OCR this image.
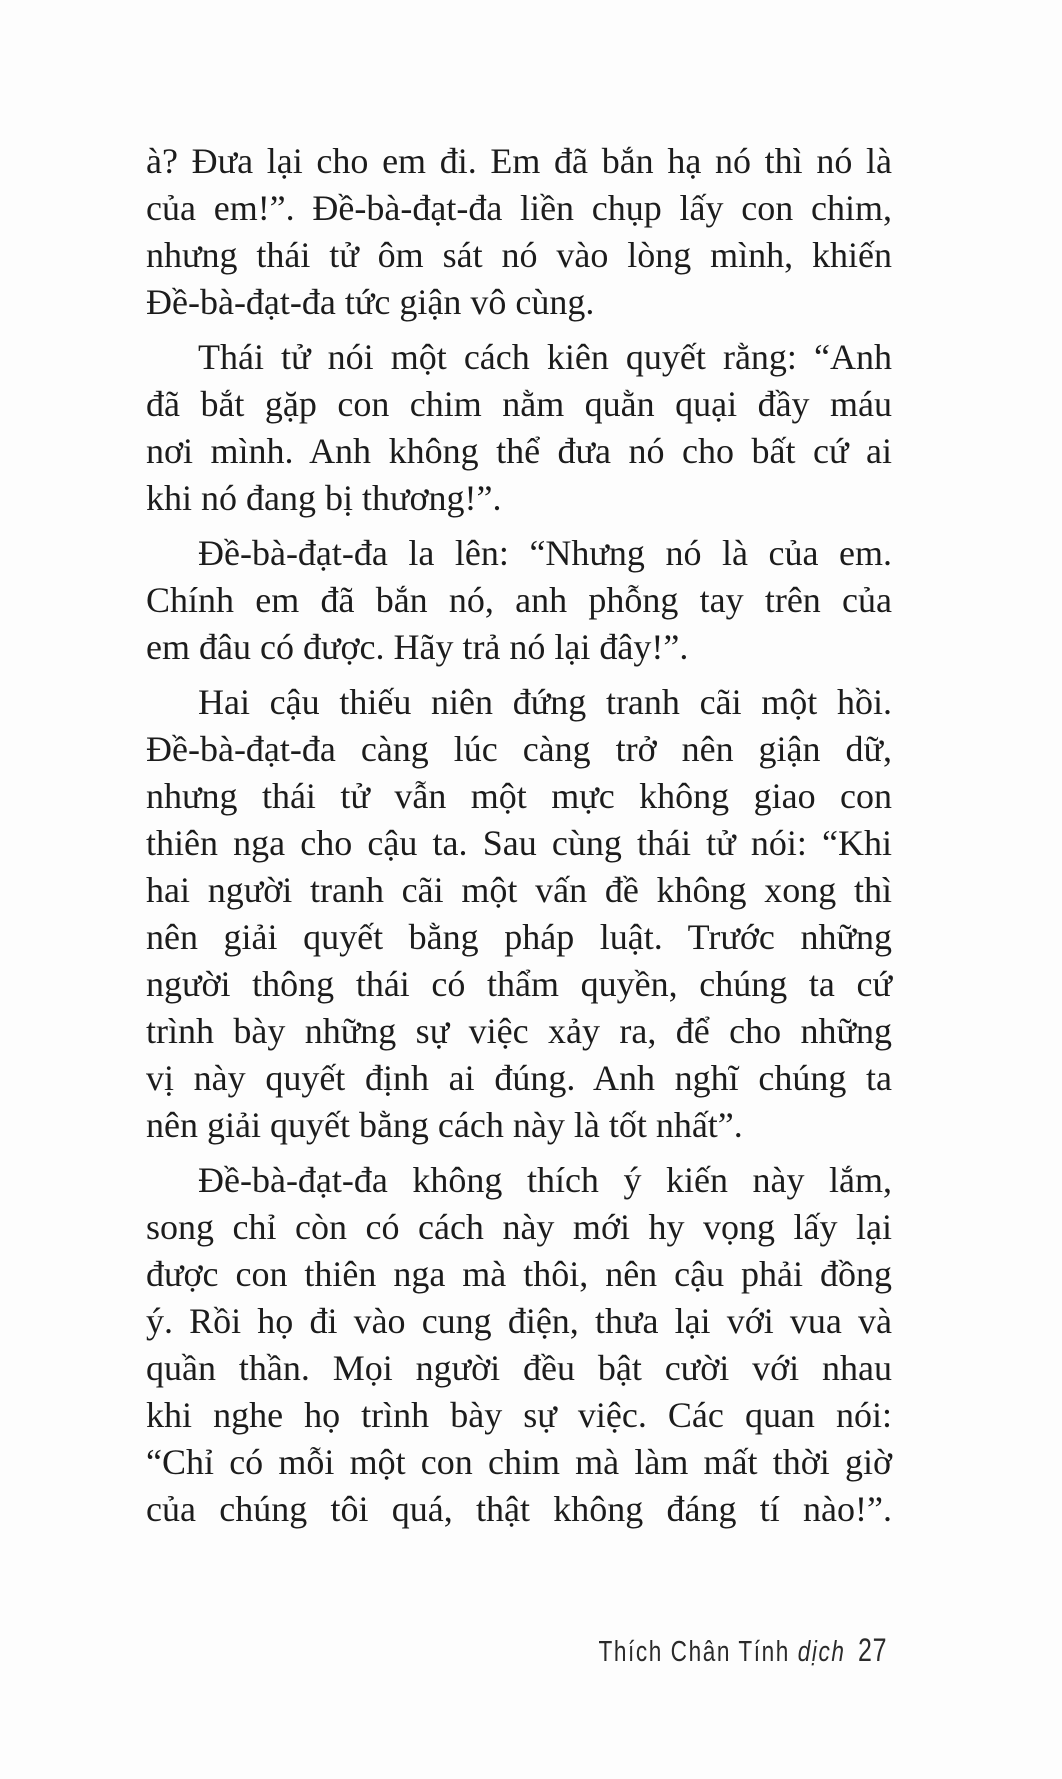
à? Đưa lại cho em đi. Em đã bắn hạ nó thì nó là
của em!”. Đề-bà-đạt-đa liền chụp lấy con chim,
nhưng thái tử ôm sát nó vào lòng mình, khiến
Đề-bà-đạt-đa tức giận vô cùng.

Thái tử nói một cách kiên quyết rằng: “Anh
đã bắt gặp con chim nằm quằn quại đầy máu
nơi mình. Anh không thể đưa nó cho bất cứ ai
khi nó đang bị thương!”.

Đề-bà-đạt-đa la lên: “Nhưng nó là của em.
Chính em đã bắn nó, anh phỗng tay trên của
em đâu có được. Hãy trả nó lại đây!”.

Hai cậu thiếu niên đứng tranh cãi một hồi.
Đề-bà-đạt-đa càng lúc càng trở nên giận dữ,
nhưng thái tử vẫn một mực không giao con
thiên nga cho cậu ta. Sau cùng thái tử nói: “Khi
hai người tranh cãi một vấn đề không xong thì
nên giải quyết bằng pháp luật. Trước những
người thông thái có thẩm quyền, chúng ta cứ
trình bày những sự việc xảy ra, để cho những
vị này quyết định ai đúng. Anh nghĩ chúng ta
nên giải quyết bằng cách này là tốt nhất”.

Đề-bà-đạt-đa không thích ý kiến này lắm,
song chỉ còn có cách này mới hy vọng lấy lại
được con thiên nga mà thôi, nên cậu phải đồng
ý. Rồi họ đi vào cung điện, thưa lại với vua và
quần thần. Mọi người đều bật cười với nhau
khi nghe họ trình bày sự việc. Các quan nói:
“Chỉ có mỗi một con chim mà làm mất thời giờ
của chúng tôi quá, thật không đáng tí nào!”.

Thích Chân Tính dịch 27
